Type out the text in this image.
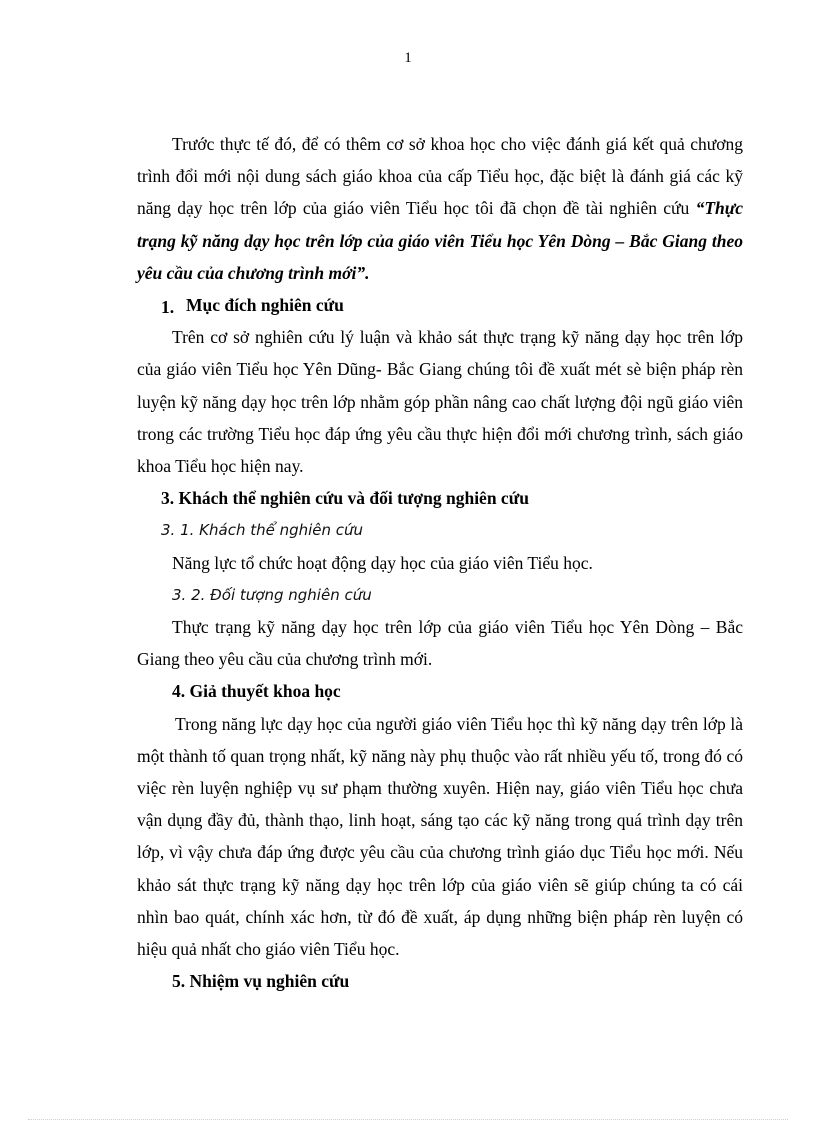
1

Trước thực tế đó, để có thêm cơ sở khoa học cho việc đánh giá kết quả chương trình đổi mới nội dung sách giáo khoa của cấp Tiểu học, đặc biệt là đánh giá các kỹ năng dạy học trên lớp của giáo viên Tiểu học tôi đã chọn đề tài nghiên cứu “Thực trạng kỹ năng dạy học trên lớp của giáo viên Tiểu học Yên Dòng – Bắc Giang theo yêu cầu của chương trình mới”.

1. Mục đích nghiên cứu

Trên cơ sở nghiên cứu lý luận và khảo sát thực trạng kỹ năng dạy học trên lớp của giáo viên Tiểu học Yên Dũng- Bắc Giang chúng tôi đề xuất mét sè biện pháp rèn luyện kỹ năng dạy học trên lớp nhằm góp phần nâng cao chất lượng đội ngũ giáo viên trong các trường Tiểu học đáp ứng yêu cầu thực hiện đổi mới chương trình, sách giáo khoa Tiểu học hiện nay.

3. Khách thể nghiên cứu và đối tượng nghiên cứu

3. 1. Khách thể nghiên cứu

Năng lực tổ chức hoạt động dạy học của giáo viên Tiểu học.

3. 2. Đối tượng nghiên cứu

Thực trạng kỹ năng dạy học trên lớp của giáo viên Tiểu học Yên Dòng – Bắc Giang theo yêu cầu của chương trình mới.

4. Giả thuyết khoa học

Trong năng lực dạy học của người giáo viên Tiểu học thì kỹ năng dạy trên lớp là một thành tố quan trọng nhất, kỹ năng này phụ thuộc vào rất nhiều yếu tố, trong đó có việc rèn luyện nghiệp vụ sư phạm thường xuyên. Hiện nay, giáo viên Tiểu học chưa vận dụng đầy đủ, thành thạo, linh hoạt, sáng tạo các kỹ năng trong quá trình dạy trên lớp, vì vậy chưa đáp ứng được yêu cầu của chương trình giáo dục Tiểu học mới. Nếu khảo sát thực trạng kỹ năng dạy học trên lớp của giáo viên sẽ giúp chúng ta có cái nhìn bao quát, chính xác hơn, từ đó đề xuất, áp dụng những biện pháp rèn luyện có hiệu quả nhất cho giáo viên Tiểu học.

5. Nhiệm vụ nghiên cứu
